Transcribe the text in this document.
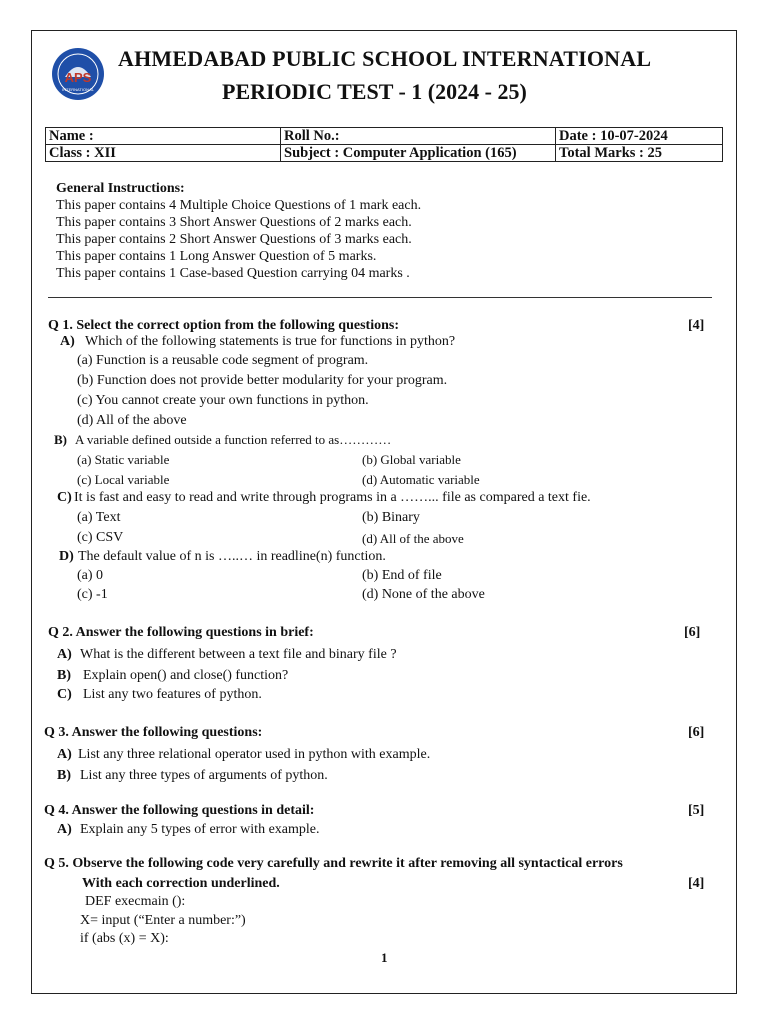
APS
INTERNATIONAL
AHMEDABAD PUBLIC SCHOOL INTERNATIONAL
PERIODIC TEST - 1 (2024 - 25)
Name :	Roll No.:	Date : 10-07-2024
Class : XII	Subject : Computer Application (165)	Total Marks : 25
General Instructions:
This paper contains 4 Multiple Choice Questions of 1 mark each.
This paper contains 3 Short Answer Questions of 2 marks each.
This paper contains 2 Short Answer Questions of 3 marks each.
This paper contains 1 Long Answer Question of 5 marks.
This paper contains 1 Case-based Question carrying 04 marks .
Q 1. Select the correct option from the following questions:	[4]
A) Which of the following statements is true for functions in python?
(a) Function is a reusable code segment of program.
(b) Function does not provide better modularity for your program.
(c) You cannot create your own functions in python.
(d) All of the above
B) A variable defined outside a function referred to as…………
(a) Static variable	(b) Global variable
(c) Local variable	(d) Automatic variable
C) It is fast and easy to read and write through programs in a ……... file as compared a text fie.
(a) Text	(b) Binary
(c) CSV	(d) All of the above
D) The default value of n is …..… in readline(n) function.
(a) 0	(b) End of file
(c) -1	(d) None of the above
Q 2. Answer the following questions in brief:	[6]
A) What is the different between a text file and binary file ?
B) Explain open() and close() function?
C) List any two features of python.
Q 3. Answer the following questions:	[6]
A) List any three relational operator used in python with example.
B) List any three types of arguments of python.
Q 4. Answer the following questions in detail:	[5]
A) Explain any 5 types of error with example.
Q 5. Observe the following code very carefully and rewrite it after removing all syntactical errors
With each correction underlined.	[4]
DEF execmain ():
X= input (“Enter a number:”)
if (abs (x) = X):
1
